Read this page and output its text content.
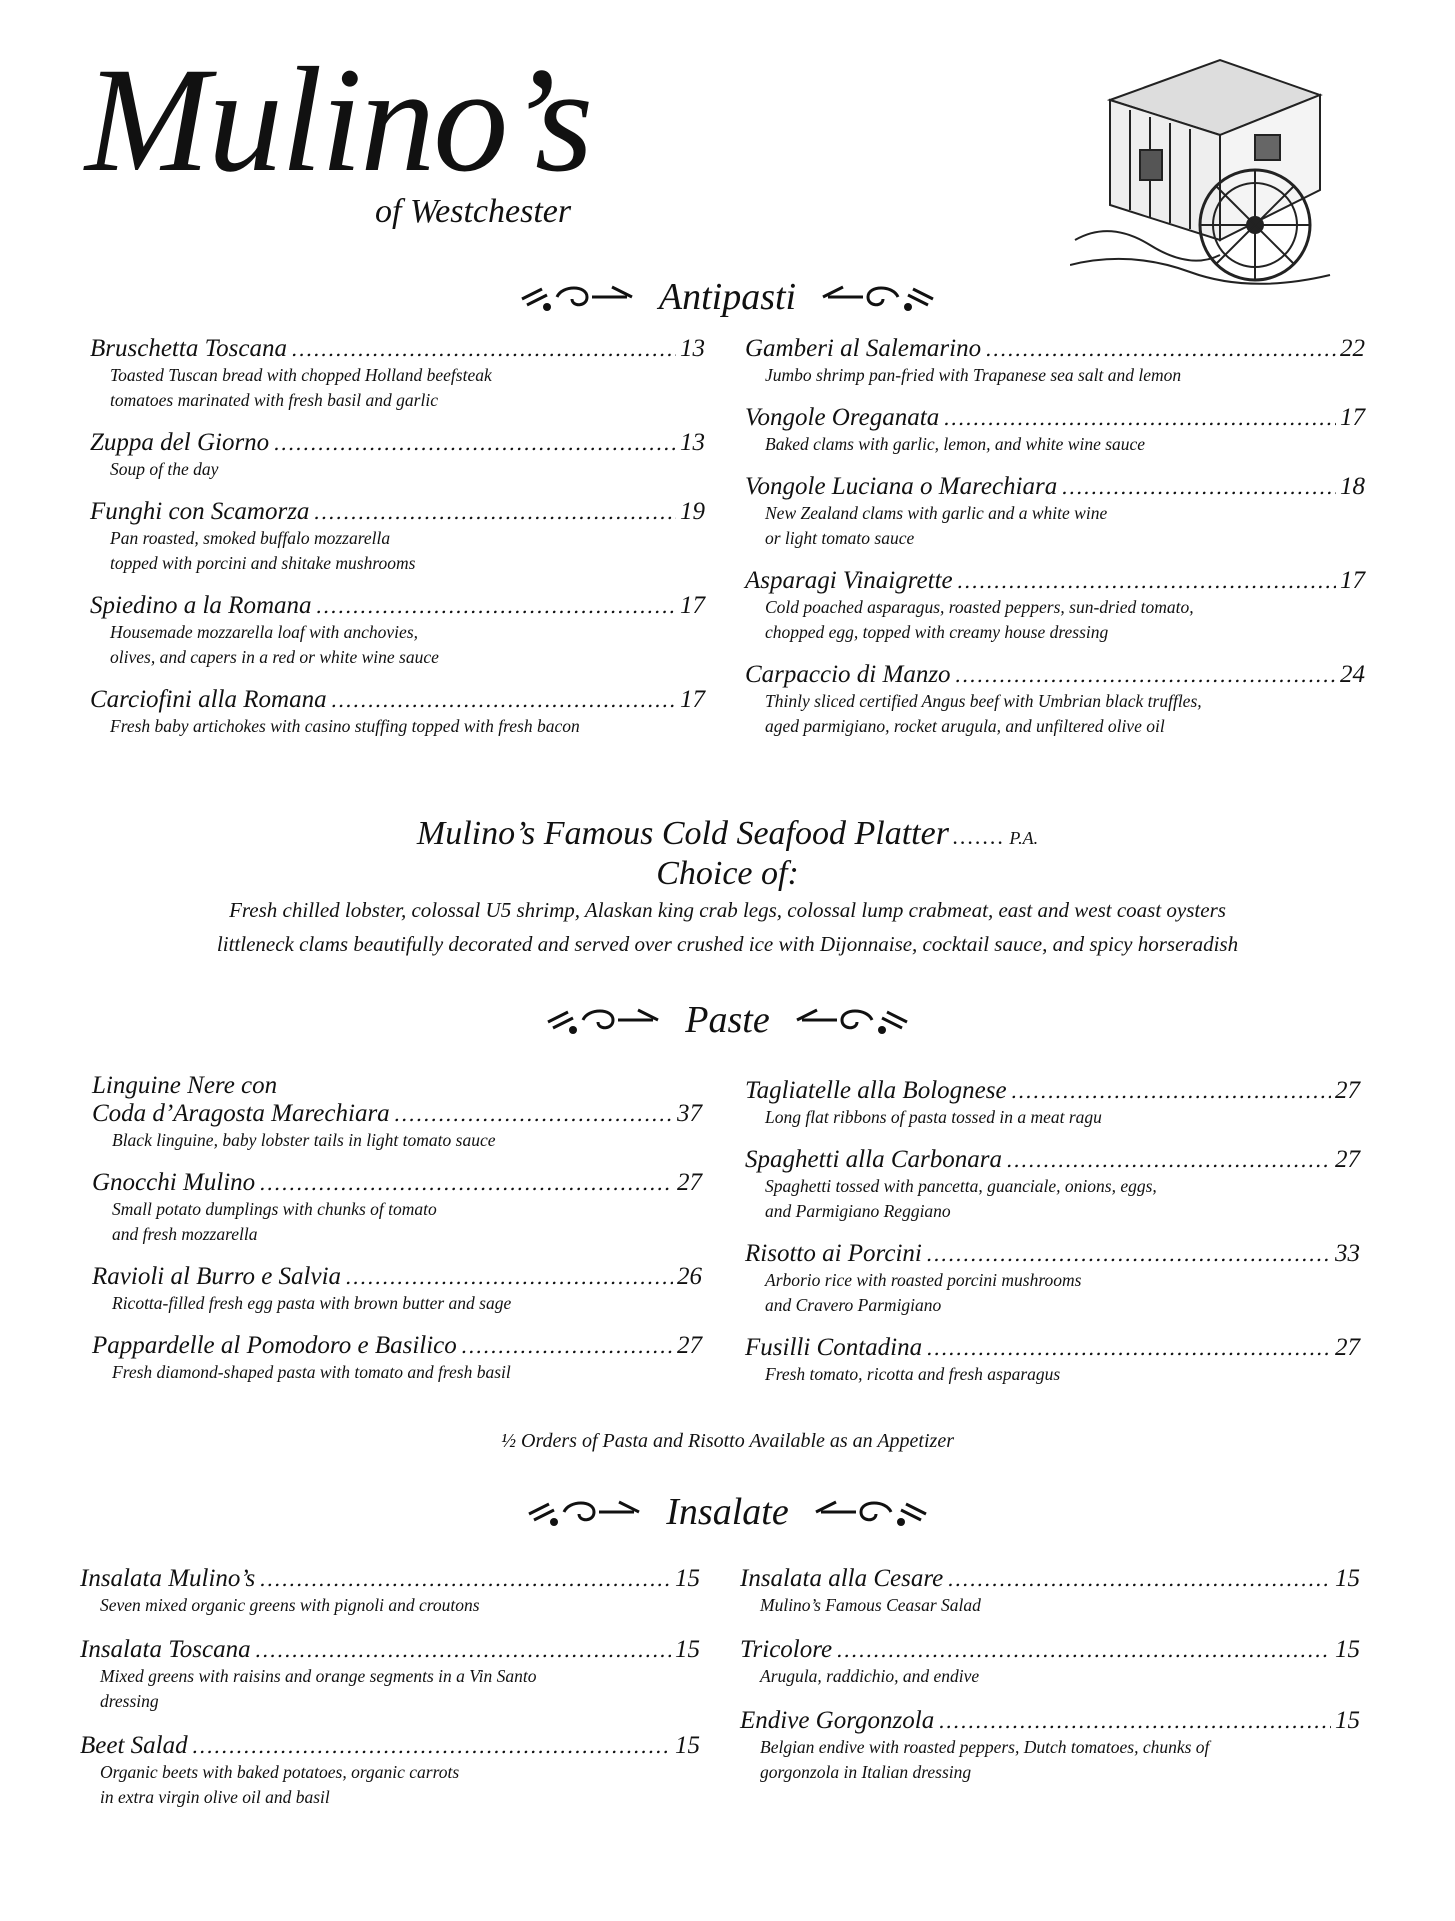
Mulino’s
of Westchester
Antipasti
Bruschetta Toscana .....	13
Toasted Tuscan bread with chopped Holland beefsteak
tomatoes marinated with fresh basil and garlic
Zuppa del Giorno .....	13
Soup of the day
Funghi con Scamorza .....	19
Pan roasted, smoked buffalo mozzarella
topped with porcini and shitake mushrooms
Spiedino a la Romana .....	17
Housemade mozzarella loaf with anchovies,
olives, and capers in a red or white wine sauce
Carciofini alla Romana .....	17
Fresh baby artichokes with casino stuffing topped with fresh bacon
Gamberi al Salemarino .....	22
Jumbo shrimp pan-fried with Trapanese sea salt and lemon
Vongole Oreganata .....	17
Baked clams with garlic, lemon, and white wine sauce
Vongole Luciana o Marechiara .....	18
New Zealand clams with garlic and a white wine
or light tomato sauce
Asparagi Vinaigrette .....	17
Cold poached asparagus, roasted peppers, sun-dried tomato,
chopped egg, topped with creamy house dressing
Carpaccio di Manzo .....	24
Thinly sliced certified Angus beef with Umbrian black truffles,
aged parmigiano, rocket arugula, and unfiltered olive oil
Mulino’s Famous Cold Seafood Platter ....... P.A.
Choice of:
Fresh chilled lobster, colossal U5 shrimp, Alaskan king crab legs, colossal lump crabmeat, east and west coast oysters
littleneck clams beautifully decorated and served over crushed ice with Dijonnaise, cocktail sauce, and spicy horseradish
Paste
Linguine Nere con
Coda d’Aragosta Marechiara .....	37
Black linguine, baby lobster tails in light tomato sauce
Gnocchi Mulino .....	27
Small potato dumplings with chunks of tomato
and fresh mozzarella
Ravioli al Burro e Salvia .....	26
Ricotta-filled fresh egg pasta with brown butter and sage
Pappardelle al Pomodoro e Basilico .....	27
Fresh diamond-shaped pasta with tomato and fresh basil
Tagliatelle alla Bolognese .....	27
Long flat ribbons of pasta tossed in a meat ragu
Spaghetti alla Carbonara .....	27
Spaghetti tossed with pancetta, guanciale, onions, eggs,
and Parmigiano Reggiano
Risotto ai Porcini .....	33
Arborio rice with roasted porcini mushrooms
and Cravero Parmigiano
Fusilli Contadina .....	27
Fresh tomato, ricotta and fresh asparagus
½ Orders of Pasta and Risotto Available as an Appetizer
Insalate
Insalata Mulino’s .....	15
Seven mixed organic greens with pignoli and croutons
Insalata Toscana .....	15
Mixed greens with raisins and orange segments in a Vin Santo
dressing
Beet Salad .....	15
Organic beets with baked potatoes, organic carrots
in extra virgin olive oil and basil
Insalata alla Cesare .....	15
Mulino’s Famous Ceasar Salad
Tricolore .....	15
Arugula, raddichio, and endive
Endive Gorgonzola .....	15
Belgian endive with roasted peppers, Dutch tomatoes, chunks of
gorgonzola in Italian dressing
